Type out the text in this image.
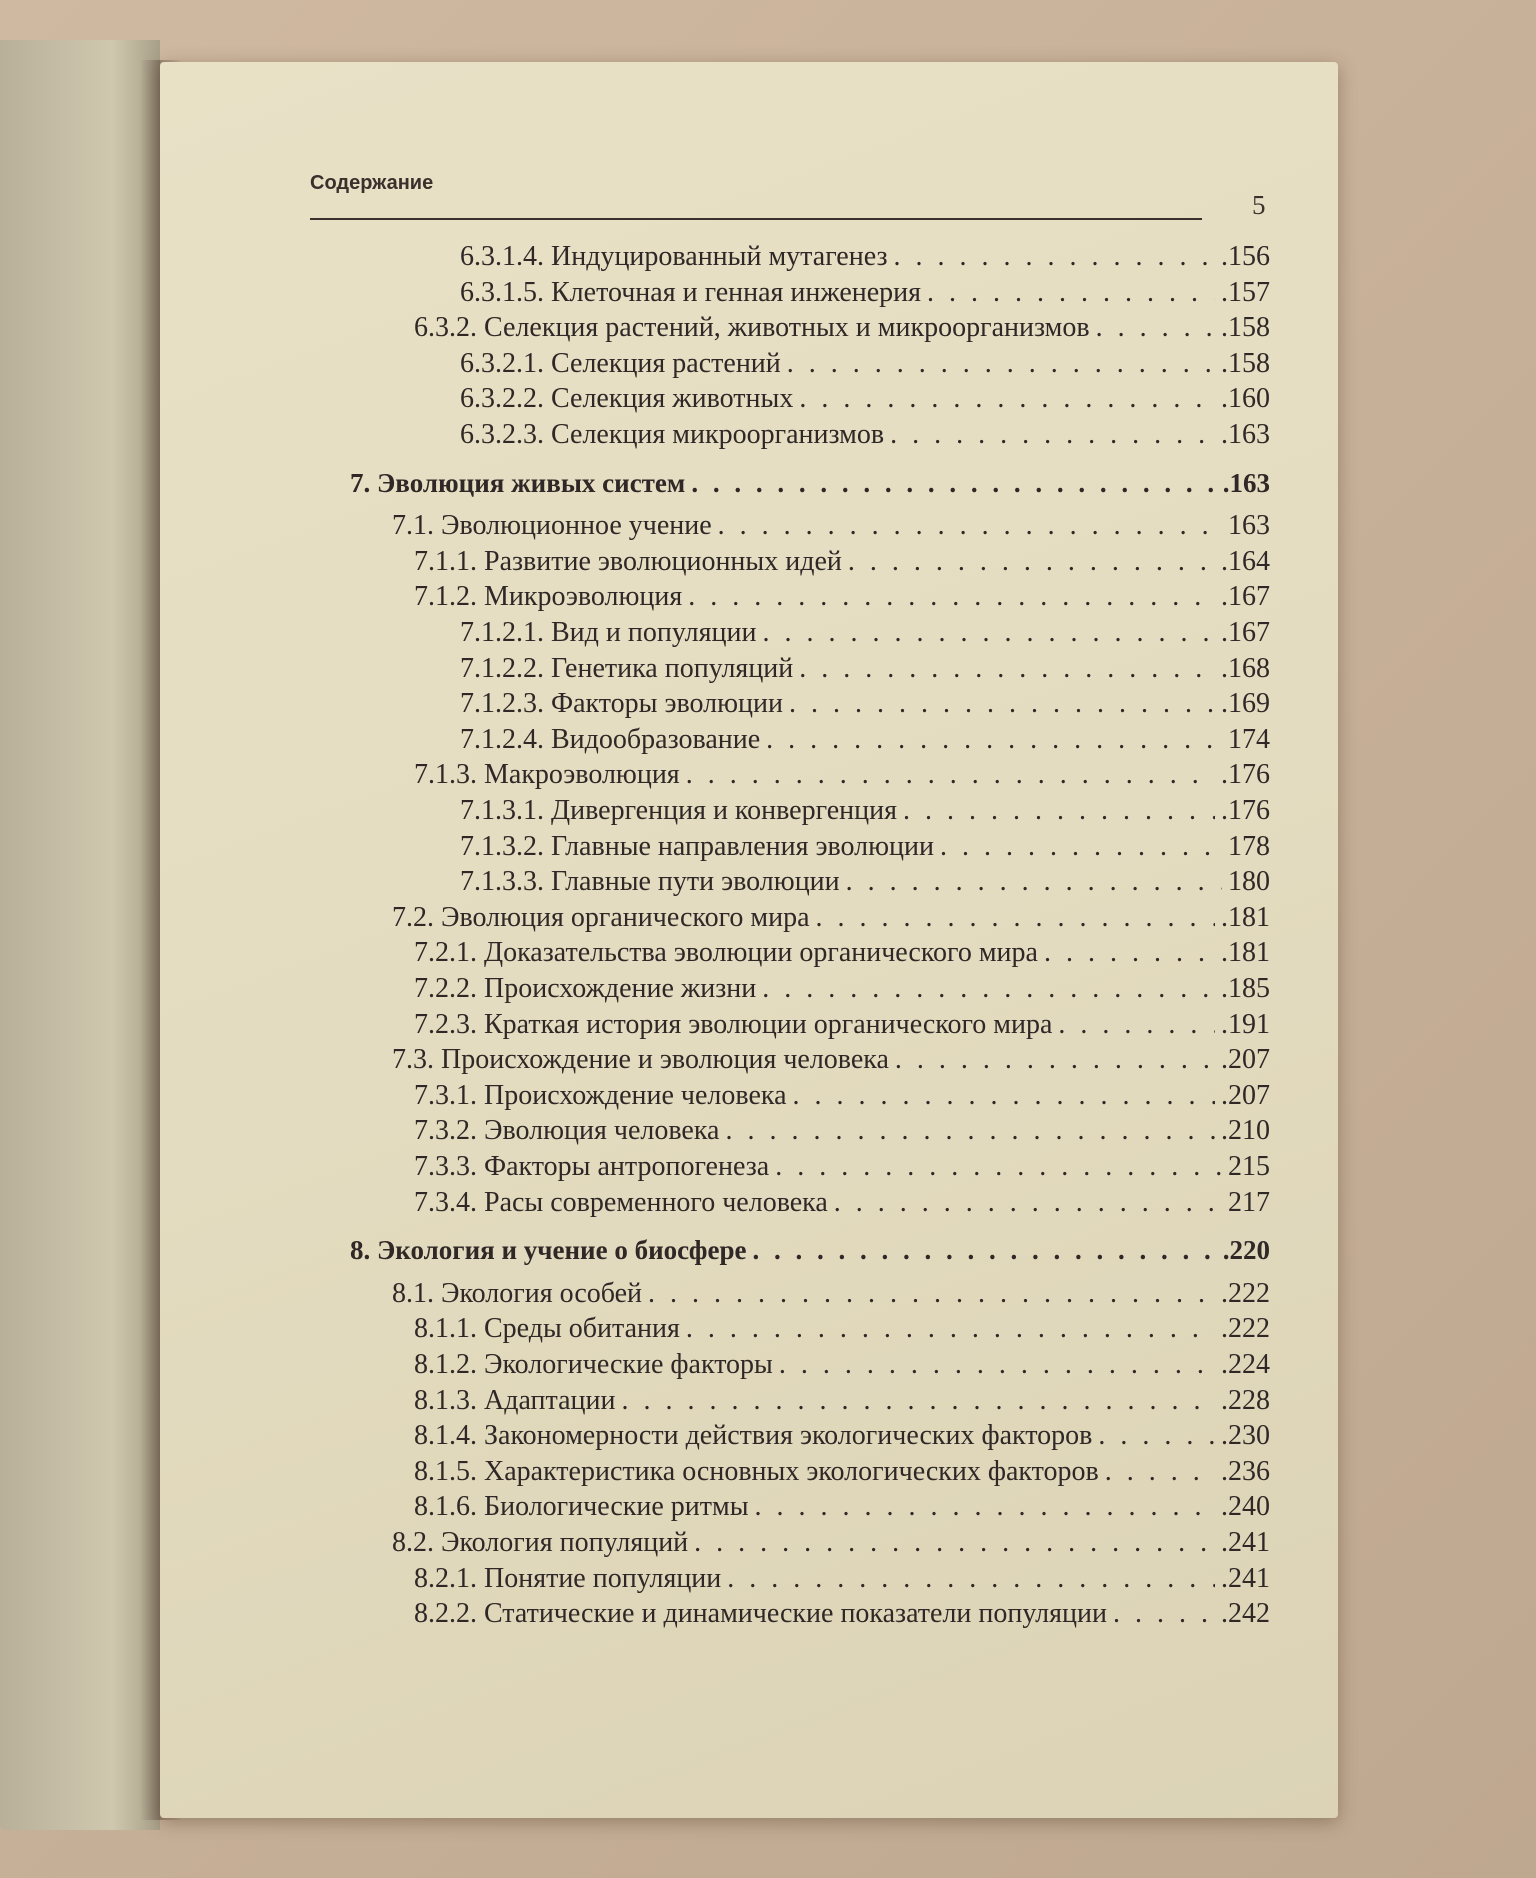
Содержание
5
6.3.1.4. Индуцированный мутагенез . . .	.156
6.3.1.5. Клеточная и генная инженерия . . .	.157
6.3.2. Селекция растений, животных и микроорганизмов . . .	.158
6.3.2.1. Селекция растений . . .	.158
6.3.2.2. Селекция животных . . .	.160
6.3.2.3. Селекция микроорганизмов . . .	.163
7. Эволюция живых систем . . .	.163
7.1. Эволюционное учение . . .	163
7.1.1. Развитие эволюционных идей . . .	.164
7.1.2. Микроэволюция . . .	.167
7.1.2.1. Вид и популяции . . .	.167
7.1.2.2. Генетика популяций . . .	.168
7.1.2.3. Факторы эволюции . . .	.169
7.1.2.4. Видообразование . . .	174
7.1.3. Макроэволюция . . .	.176
7.1.3.1. Дивергенция и конвергенция . . .	.176
7.1.3.2. Главные направления эволюции . . .	178
7.1.3.3. Главные пути эволюции . . .	180
7.2. Эволюция органического мира . . .	.181
7.2.1. Доказательства эволюции органического мира . . .	.181
7.2.2. Происхождение жизни . . .	.185
7.2.3. Краткая история эволюции органического мира . . .	.191
7.3. Происхождение и эволюция человека . . .	.207
7.3.1. Происхождение человека . . .	.207
7.3.2. Эволюция человека . . .	.210
7.3.3. Факторы антропогенеза . . .	215
7.3.4. Расы современного человека . . .	217
8. Экология и учение о биосфере . . .	.220
8.1. Экология особей . . .	.222
8.1.1. Среды обитания . . .	.222
8.1.2. Экологические факторы . . .	.224
8.1.3. Адаптации . . .	.228
8.1.4. Закономерности действия экологических факторов . . .	.230
8.1.5. Характеристика основных экологических факторов . . .	.236
8.1.6. Биологические ритмы . . .	.240
8.2. Экология популяций . . .	.241
8.2.1. Понятие популяции . . .	.241
8.2.2. Статические и динамические показатели популяции . . .	.242
